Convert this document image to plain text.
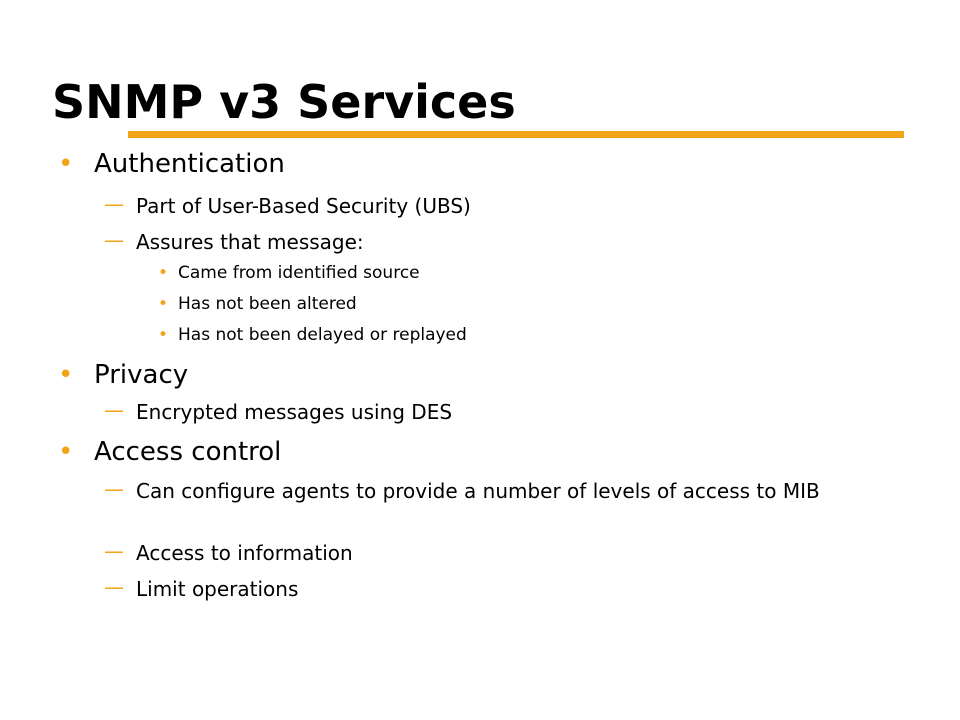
SNMP v3 Services
• Authentication
— Part of User-Based Security (UBS)
— Assures that message:
• Came from identified source
• Has not been altered
• Has not been delayed or replayed
• Privacy
— Encrypted messages using DES
• Access control
— Can configure agents to provide a number of levels of access to MIB
— Access to information
— Limit operations
